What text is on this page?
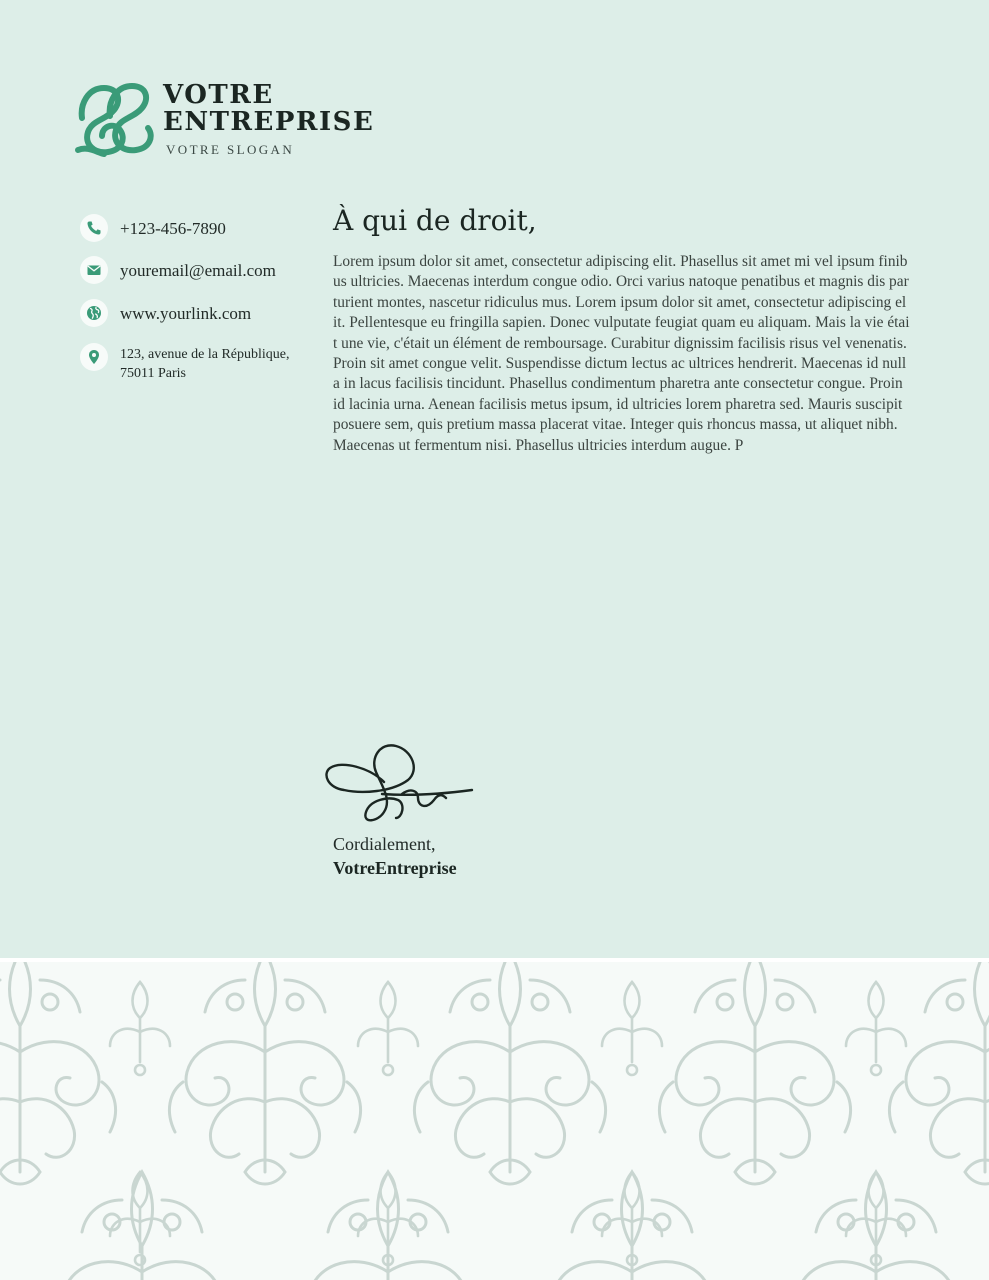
VOTRE
ENTREPRISE
VOTRE SLOGAN
+123-456-7890
youremail@email.com
www.yourlink.com
123, avenue de la République,
75011 Paris
À qui de droit,
Lorem ipsum dolor sit amet, consectetur adipiscing elit. Phasellus sit amet mi vel ipsum finibus ultricies. Maecenas interdum congue odio. Orci varius natoque penatibus et magnis dis parturient montes, nascetur ridiculus mus. Lorem ipsum dolor sit amet, consectetur adipiscing elit. Pellentesque eu fringilla sapien. Donec vulputate feugiat quam eu aliquam. Mais la vie était une vie, c'était un élément de remboursage. Curabitur dignissim facilisis risus vel venenatis. Proin sit amet congue velit. Suspendisse dictum lectus ac ultrices hendrerit. Maecenas id nulla in lacus facilisis tincidunt. Phasellus condimentum pharetra ante consectetur congue. Proin id lacinia urna. Aenean facilisis metus ipsum, id ultricies lorem pharetra sed. Mauris suscipit posuere sem, quis pretium massa placerat vitae. Integer quis rhoncus massa, ut aliquet nibh. Maecenas ut fermentum nisi. Phasellus ultricies interdum augue. P
Cordialement,
VotreEntreprise
